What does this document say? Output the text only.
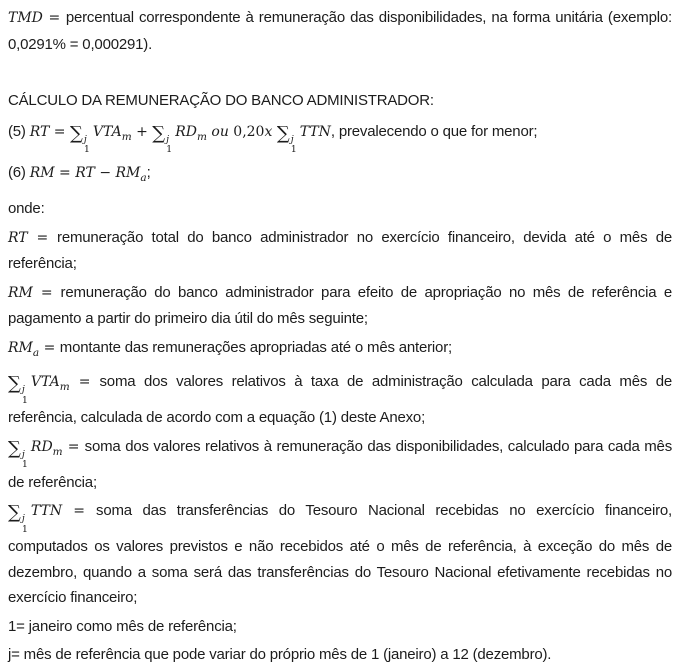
TMD = percentual correspondente à remuneração das disponibilidades, na forma unitária (exemplo: 0,0291% = 0,000291).
CÁLCULO DA REMUNERAÇÃO DO BANCO ADMINISTRADOR:
(5) RT = ∑ j
1
$VTA_m$ + ∑ j
1
$RD_m$ ou 0,20x ∑ j
1
TTN, prevalecendo o que for menor;
(6) RM = RT − $RM_a$;
onde:
RT = remuneração total do banco administrador no exercício financeiro, devida até o mês de referência;
RM = remuneração do banco administrador para efeito de apropriação no mês de referência e pagamento a partir do primeiro dia útil do mês seguinte;
$RM_a$ = montante das remunerações apropriadas até o mês anterior;
∑ j
1
$VTA_m$ = soma dos valores relativos à taxa de administração calculada para cada mês de referência, calculada de acordo com a equação (1) deste Anexo;
∑ j
1
$RD_m$ = soma dos valores relativos à remuneração das disponibilidades, calculado para cada mês de referência;
∑ j
1
TTN = soma das transferências do Tesouro Nacional recebidas no exercício financeiro, computados os valores previstos e não recebidos até o mês de referência, à exceção do mês de dezembro, quando a soma será das transferências do Tesouro Nacional efetivamente recebidas no exercício financeiro;
1= janeiro como mês de referência;
j= mês de referência que pode variar do próprio mês de 1 (janeiro) a 12 (dezembro).
